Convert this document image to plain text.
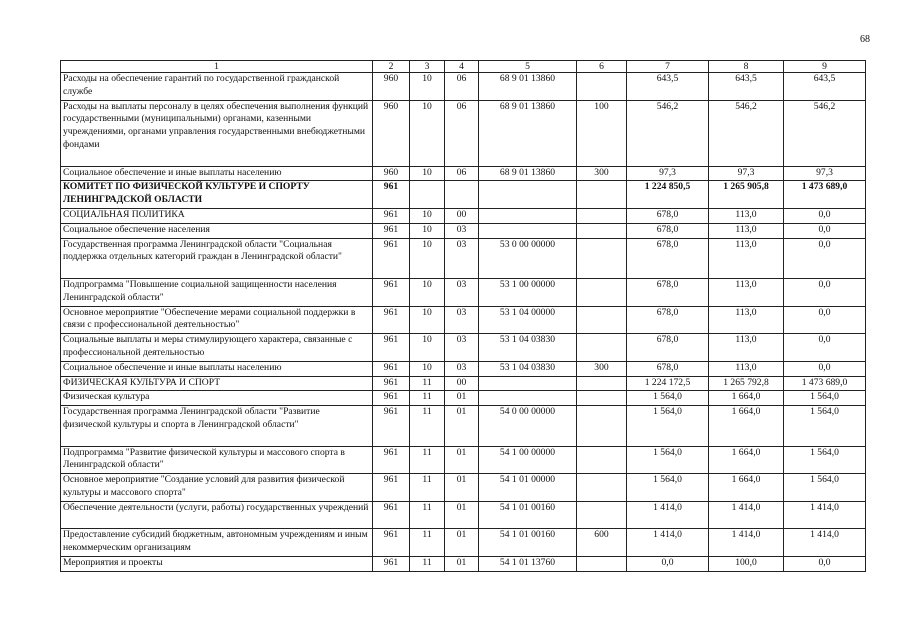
68
1	2	3	4	5	6	7	8	9
Расходы на обеспечение гарантий по государственной гражданской службе	960	10	06	68 9 01 13860		643,5	643,5	643,5
Расходы на выплаты персоналу в целях обеспечения выполнения функций государственными (муниципальными) органами, казенными учреждениями, органами управления государственными внебюджетными фондами	960	10	06	68 9 01 13860	100	546,2	546,2	546,2
Социальное обеспечение и иные выплаты населению	960	10	06	68 9 01 13860	300	97,3	97,3	97,3
КОМИТЕТ ПО ФИЗИЧЕСКОЙ КУЛЬТУРЕ И СПОРТУ ЛЕНИНГРАДСКОЙ ОБЛАСТИ	961					1 224 850,5	1 265 905,8	1 473 689,0
СОЦИАЛЬНАЯ ПОЛИТИКА	961	10	00			678,0	113,0	0,0
Социальное обеспечение населения	961	10	03			678,0	113,0	0,0
Государственная программа Ленинградской области "Социальная поддержка отдельных категорий граждан в Ленинградской области"	961	10	03	53 0 00 00000		678,0	113,0	0,0
Подпрограмма "Повышение социальной защищенности населения Ленинградской области"	961	10	03	53 1 00 00000		678,0	113,0	0,0
Основное мероприятие "Обеспечение мерами социальной поддержки в связи с профессиональной деятельностью"	961	10	03	53 1 04 00000		678,0	113,0	0,0
Социальные выплаты и меры стимулирующего характера, связанные с профессиональной деятельностью	961	10	03	53 1 04 03830		678,0	113,0	0,0
Социальное обеспечение и иные выплаты населению	961	10	03	53 1 04 03830	300	678,0	113,0	0,0
ФИЗИЧЕСКАЯ КУЛЬТУРА И СПОРТ	961	11	00			1 224 172,5	1 265 792,8	1 473 689,0
Физическая культура	961	11	01			1 564,0	1 664,0	1 564,0
Государственная программа Ленинградской области "Развитие физической культуры и спорта в Ленинградской области"	961	11	01	54 0 00 00000		1 564,0	1 664,0	1 564,0
Подпрограмма "Развитие физической культуры и массового спорта в Ленинградской области"	961	11	01	54 1 00 00000		1 564,0	1 664,0	1 564,0
Основное мероприятие "Создание условий для развития физической культуры и массового спорта"	961	11	01	54 1 01 00000		1 564,0	1 664,0	1 564,0
Обеспечение деятельности (услуги, работы) государственных учреждений	961	11	01	54 1 01 00160		1 414,0	1 414,0	1 414,0
Предоставление субсидий бюджетным, автономным учреждениям и иным некоммерческим организациям	961	11	01	54 1 01 00160	600	1 414,0	1 414,0	1 414,0
Мероприятия и проекты	961	11	01	54 1 01 13760		0,0	100,0	0,0
